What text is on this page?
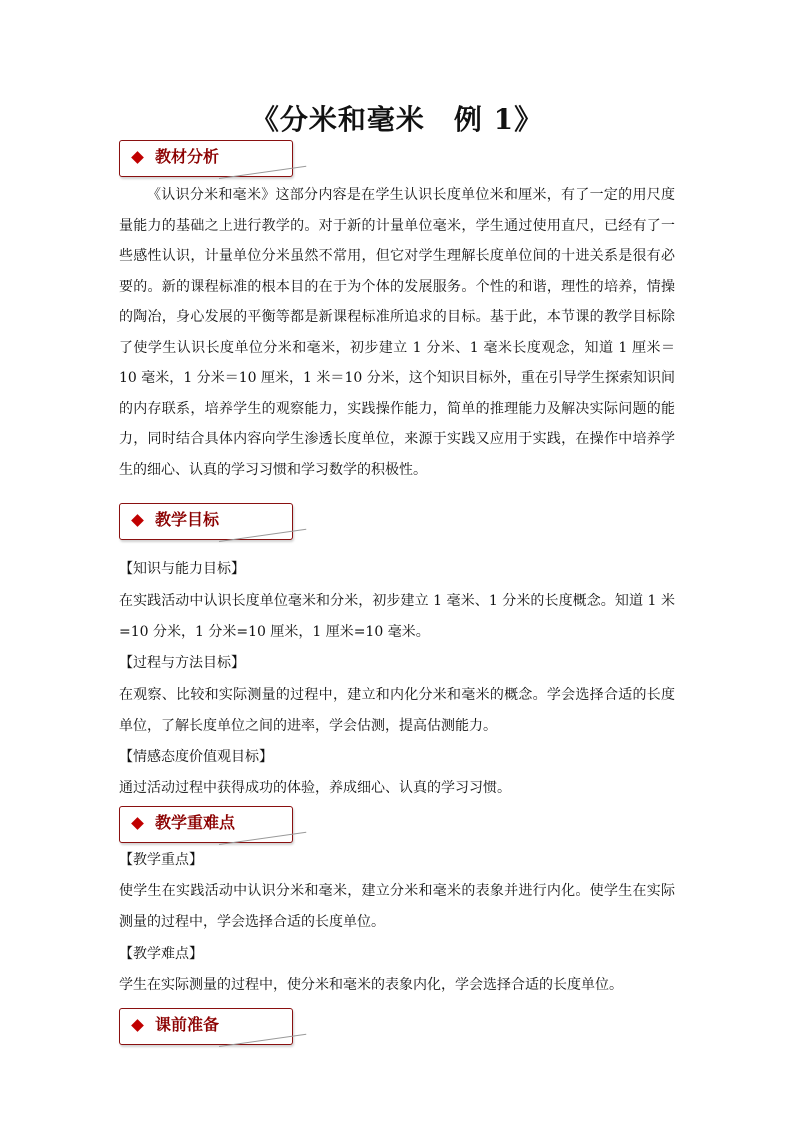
《分米和毫米　例 1》
教材分析

《认识分米和毫米》这部分内容是在学生认识长度单位米和厘米，有了一定的用尺度量能力的基础之上进行教学的。对于新的计量单位毫米，学生通过使用直尺，已经有了一些感性认识，计量单位分米虽然不常用，但它对学生理解长度单位间的十进关系是很有必要的。新的课程标准的根本目的在于为个体的发展服务。个性的和谐，理性的培养，情操的陶冶，身心发展的平衡等都是新课程标准所追求的目标。基于此，本节课的教学目标除了使学生认识长度单位分米和毫米，初步建立 1 分米、1 毫米长度观念，知道 1 厘米＝10 毫米，1 分米＝10 厘米，1 米＝10 分米，这个知识目标外，重在引导学生探索知识间的内存联系，培养学生的观察能力，实践操作能力，简单的推理能力及解决实际问题的能力，同时结合具体内容向学生渗透长度单位，来源于实践又应用于实践，在操作中培养学生的细心、认真的学习习惯和学习数学的积极性。

教学目标

【知识与能力目标】

在实践活动中认识长度单位毫米和分米，初步建立 1 毫米、1 分米的长度概念。知道 1 米=10 分米，1 分米=10 厘米，1 厘米=10 毫米。

【过程与方法目标】

在观察、比较和实际测量的过程中，建立和内化分米和毫米的概念。学会选择合适的长度单位，了解长度单位之间的进率，学会估测，提高估测能力。

【情感态度价值观目标】

通过活动过程中获得成功的体验，养成细心、认真的学习习惯。

教学重难点

【教学重点】

使学生在实践活动中认识分米和毫米，建立分米和毫米的表象并进行内化。使学生在实际测量的过程中，学会选择合适的长度单位。

【教学难点】

学生在实际测量的过程中，使分米和毫米的表象内化，学会选择合适的长度单位。

课前准备
